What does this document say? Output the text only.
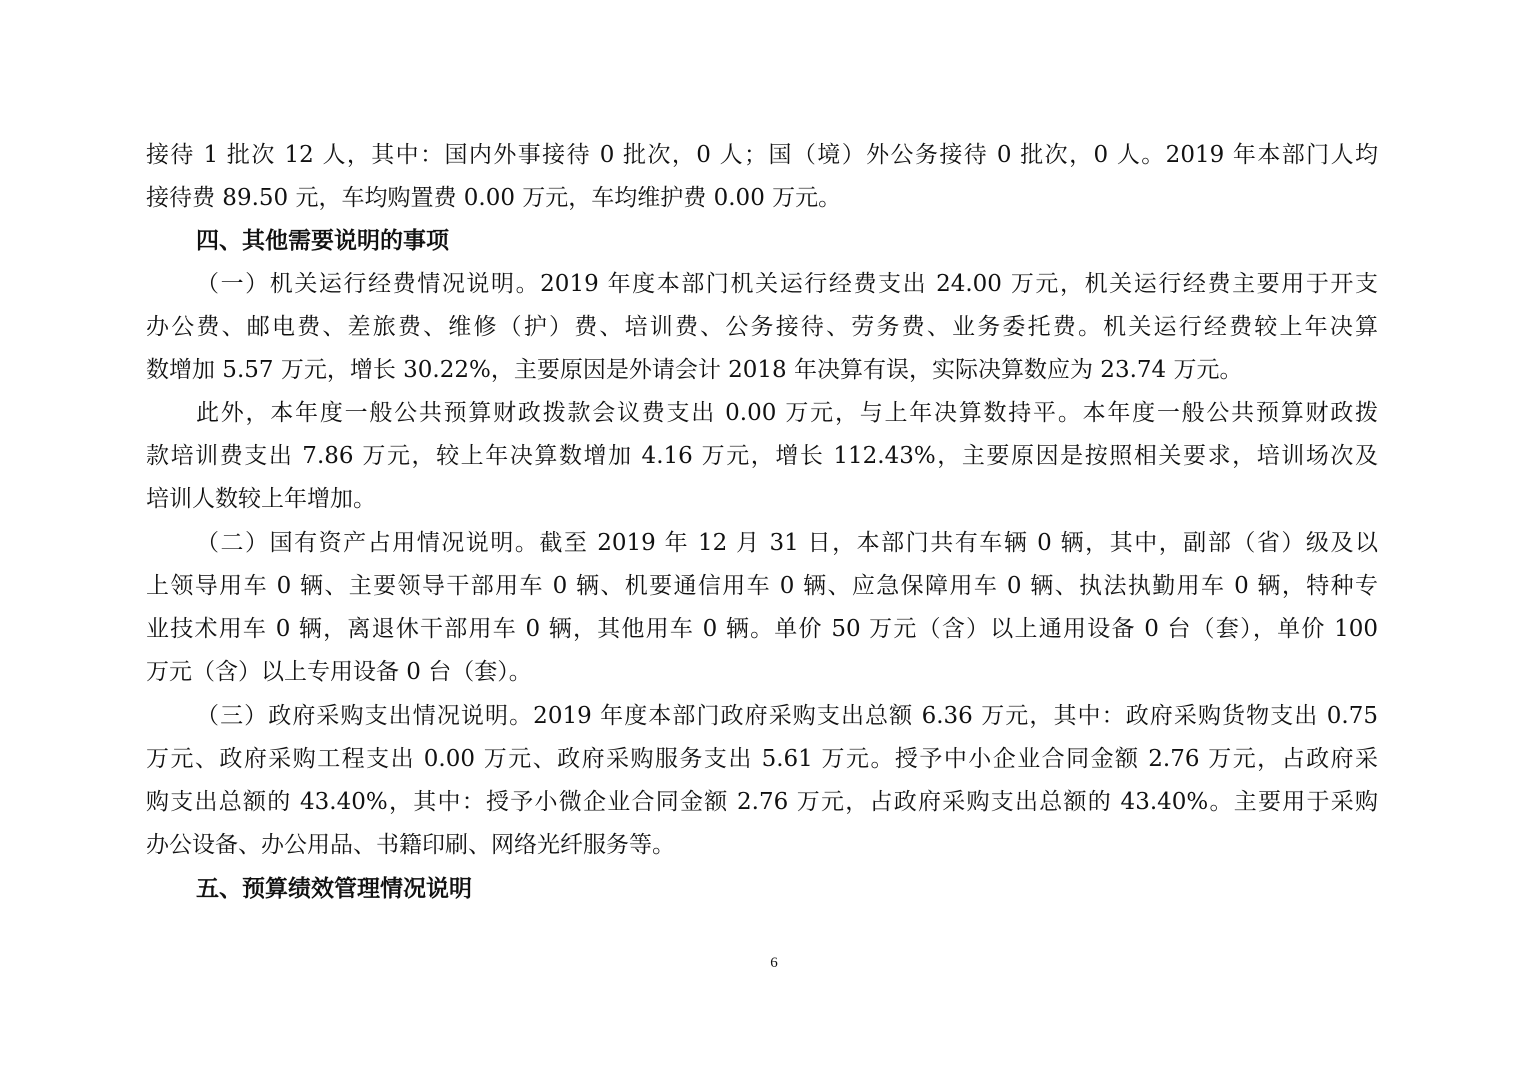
接待 1 批次 12 人，其中：国内外事接待 0 批次，0 人；国（境）外公务接待 0 批次，0 人。2019 年本部门人均
接待费 89.50 元，车均购置费 0.00 万元，车均维护费 0.00 万元。
四、其他需要说明的事项
（一）机关运行经费情况说明。2019 年度本部门机关运行经费支出 24.00 万元，机关运行经费主要用于开支
办公费、邮电费、差旅费、维修（护）费、培训费、公务接待、劳务费、业务委托费。机关运行经费较上年决算
数增加 5.57 万元，增长 30.22%，主要原因是外请会计 2018 年决算有误，实际决算数应为 23.74 万元。
此外，本年度一般公共预算财政拨款会议费支出 0.00 万元，与上年决算数持平。本年度一般公共预算财政拨
款培训费支出 7.86 万元，较上年决算数增加 4.16 万元，增长 112.43%，主要原因是按照相关要求，培训场次及
培训人数较上年增加。
（二）国有资产占用情况说明。截至 2019 年 12 月 31 日，本部门共有车辆 0 辆，其中，副部（省）级及以
上领导用车 0 辆、主要领导干部用车 0 辆、机要通信用车 0 辆、应急保障用车 0 辆、执法执勤用车 0 辆，特种专
业技术用车 0 辆，离退休干部用车 0 辆，其他用车 0 辆。单价 50 万元（含）以上通用设备 0 台（套），单价 100
万元（含）以上专用设备 0 台（套）。
（三）政府采购支出情况说明。2019 年度本部门政府采购支出总额 6.36 万元，其中：政府采购货物支出 0.75
万元、政府采购工程支出 0.00 万元、政府采购服务支出 5.61 万元。授予中小企业合同金额 2.76 万元，占政府采
购支出总额的 43.40%，其中：授予小微企业合同金额 2.76 万元，占政府采购支出总额的 43.40%。主要用于采购
办公设备、办公用品、书籍印刷、网络光纤服务等。
五、预算绩效管理情况说明
6
